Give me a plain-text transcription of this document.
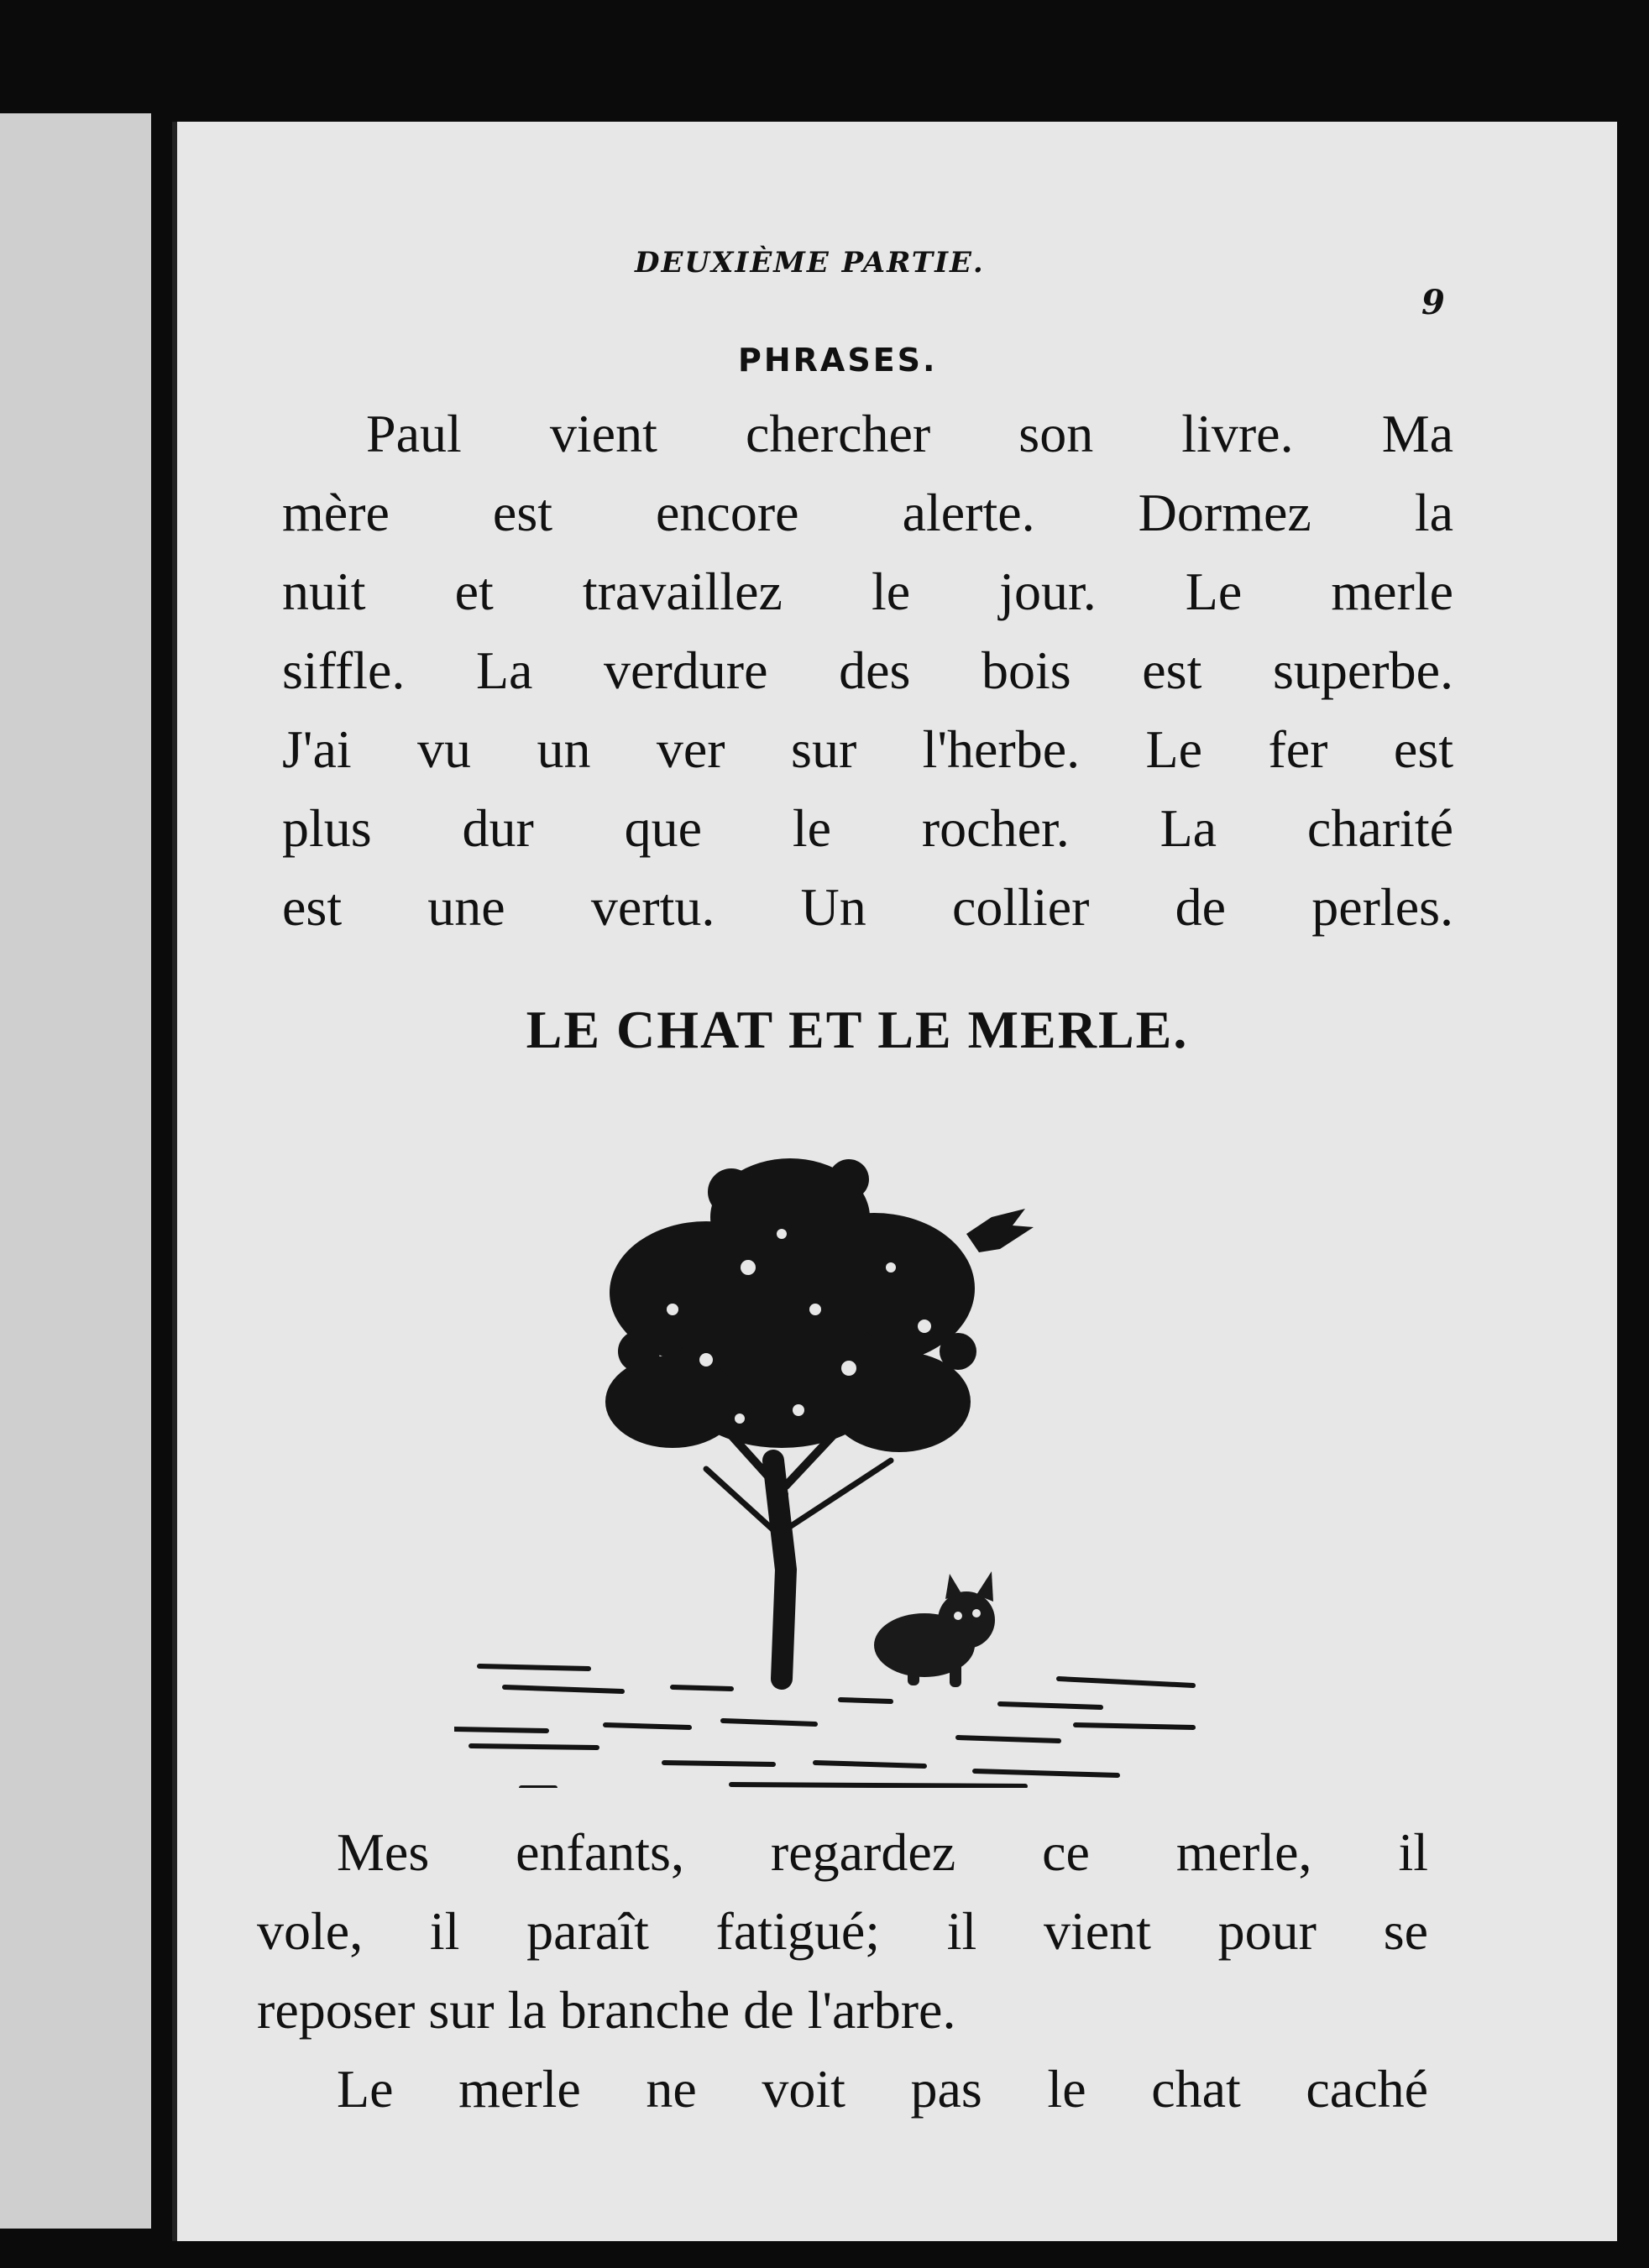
DEUXIÈME PARTIE.

9

PHRASES.

Paul vient chercher son livre. Ma

mère est encore alerte. Dormez la

nuit et travaillez le jour. Le merle

siffle. La verdure des bois est superbe.

J'ai vu un ver sur l'herbe. Le fer est

plus dur que le rocher. La charité

est une vertu. Un collier de perles.

LE CHAT ET LE MERLE.

Mes enfants, regardez ce merle, il

vole, il paraît fatigué; il vient pour se

reposer sur la branche de l'arbre.

Le merle ne voit pas le chat caché
